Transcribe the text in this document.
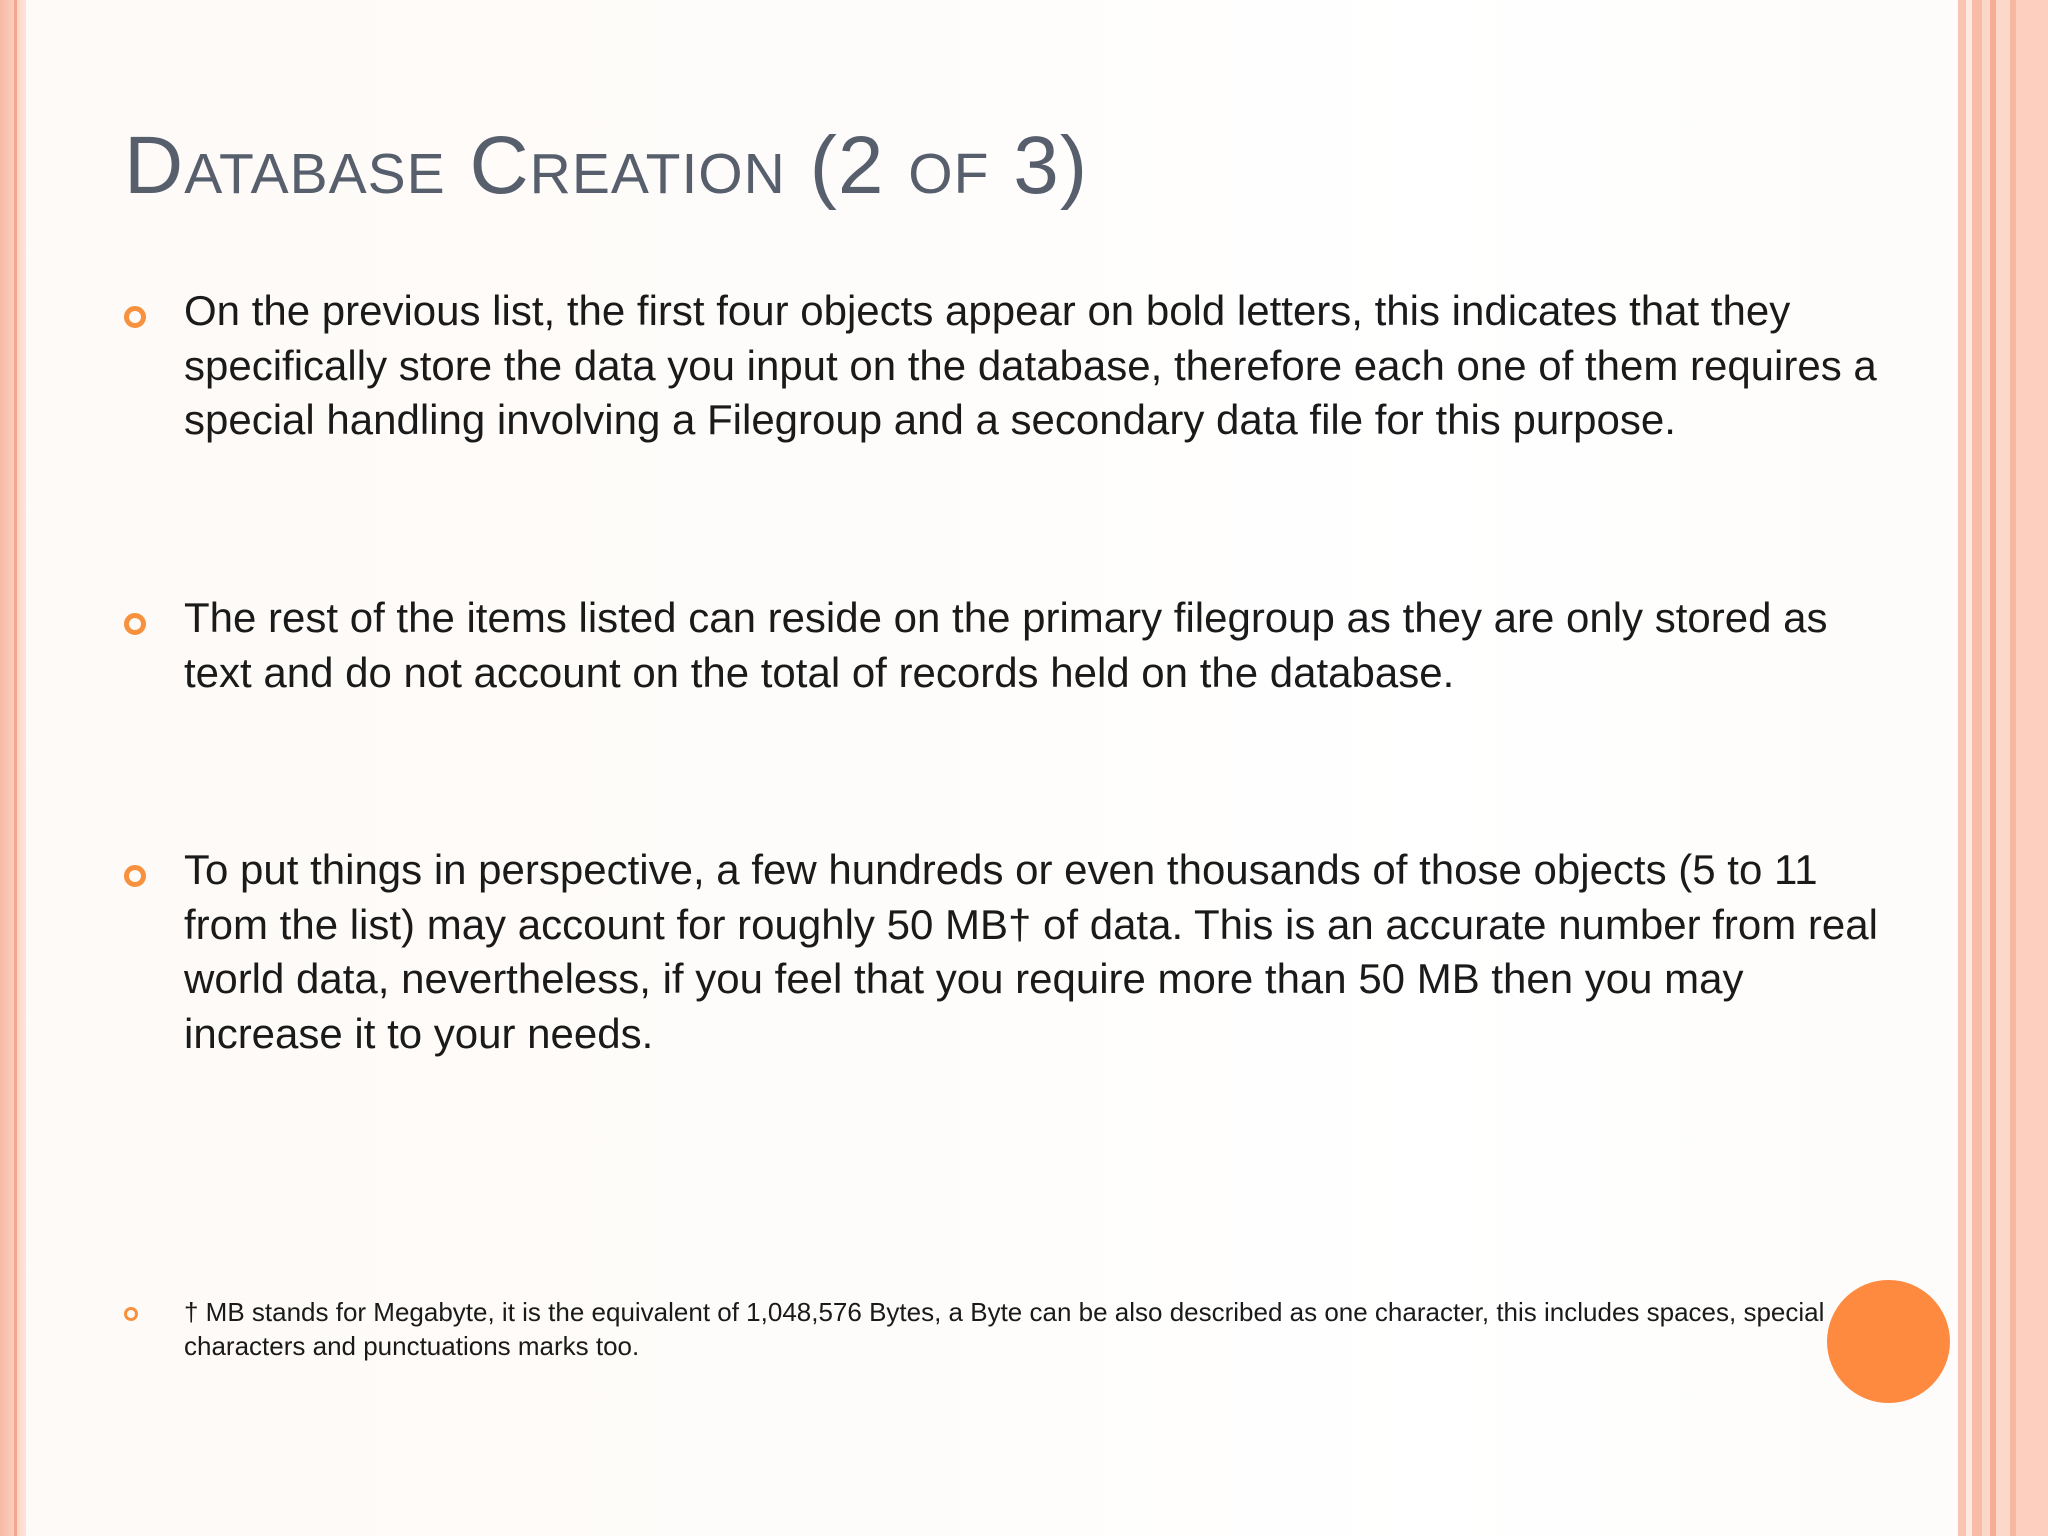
Database Creation (2 of 3)
On the previous list, the first four objects appear on bold letters, this indicates that they specifically store the data you input on the database, therefore each one of them requires a special handling involving a Filegroup and a secondary data file for this purpose.
The rest of the items listed can reside on the primary filegroup as they are only stored as text and do not account on the total of records held on the database.
To put things in perspective, a few hundreds or even thousands of those objects (5 to 11 from the list) may account for roughly 50 MB† of data. This is an accurate number from real world data, nevertheless, if you feel that you require more than 50 MB then you may increase it to your needs.
† MB stands for Megabyte, it is the equivalent of 1,048,576 Bytes, a Byte can be also described as one character, this includes spaces, special characters and punctuations marks too.
